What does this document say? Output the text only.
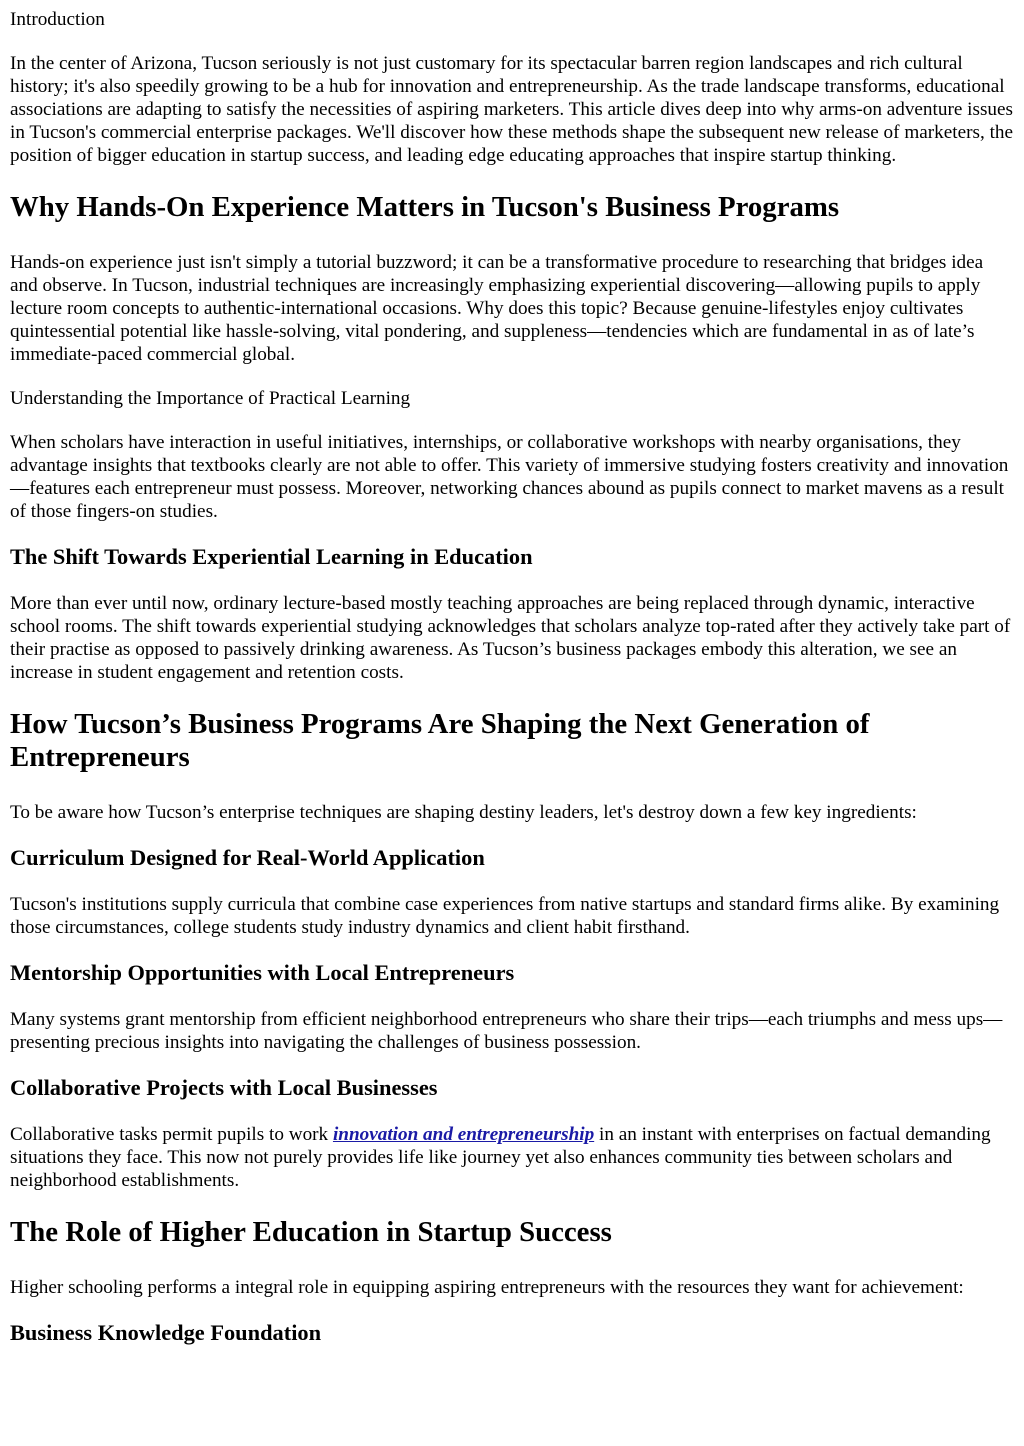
Introduction

In the center of Arizona, Tucson seriously is not just customary for its spectacular barren region landscapes and rich cultural history; it's also speedily growing to be a hub for innovation and entrepreneurship. As the trade landscape transforms, educational associations are adapting to satisfy the necessities of aspiring marketers. This article dives deep into why arms-on adventure issues in Tucson's commercial enterprise packages. We'll discover how these methods shape the subsequent new release of marketers, the position of bigger education in startup success, and leading edge educating approaches that inspire startup thinking.

Why Hands-On Experience Matters in Tucson's Business Programs

Hands-on experience just isn't simply a tutorial buzzword; it can be a transformative procedure to researching that bridges idea and observe. In Tucson, industrial techniques are increasingly emphasizing experiential discovering—allowing pupils to apply lecture room concepts to authentic-international occasions. Why does this topic? Because genuine-lifestyles enjoy cultivates quintessential potential like hassle-solving, vital pondering, and suppleness—tendencies which are fundamental in as of late’s immediate-paced commercial global.

Understanding the Importance of Practical Learning

When scholars have interaction in useful initiatives, internships, or collaborative workshops with nearby organisations, they advantage insights that textbooks clearly are not able to offer. This variety of immersive studying fosters creativity and innovation—features each entrepreneur must possess. Moreover, networking chances abound as pupils connect to market mavens as a result of those fingers-on studies.

The Shift Towards Experiential Learning in Education

More than ever until now, ordinary lecture-based mostly teaching approaches are being replaced through dynamic, interactive school rooms. The shift towards experiential studying acknowledges that scholars analyze top-rated after they actively take part of their practise as opposed to passively drinking awareness. As Tucson’s business packages embody this alteration, we see an increase in student engagement and retention costs.

How Tucson’s Business Programs Are Shaping the Next Generation of Entrepreneurs

To be aware how Tucson’s enterprise techniques are shaping destiny leaders, let's destroy down a few key ingredients:

Curriculum Designed for Real-World Application

Tucson's institutions supply curricula that combine case experiences from native startups and standard firms alike. By examining those circumstances, college students study industry dynamics and client habit firsthand.

Mentorship Opportunities with Local Entrepreneurs

Many systems grant mentorship from efficient neighborhood entrepreneurs who share their trips—each triumphs and mess ups—presenting precious insights into navigating the challenges of business possession.

Collaborative Projects with Local Businesses

Collaborative tasks permit pupils to work innovation and entrepreneurship in an instant with enterprises on factual demanding situations they face. This now not purely provides life like journey yet also enhances community ties between scholars and neighborhood establishments.

The Role of Higher Education in Startup Success

Higher schooling performs a integral role in equipping aspiring entrepreneurs with the resources they want for achievement:

Business Knowledge Foundation
